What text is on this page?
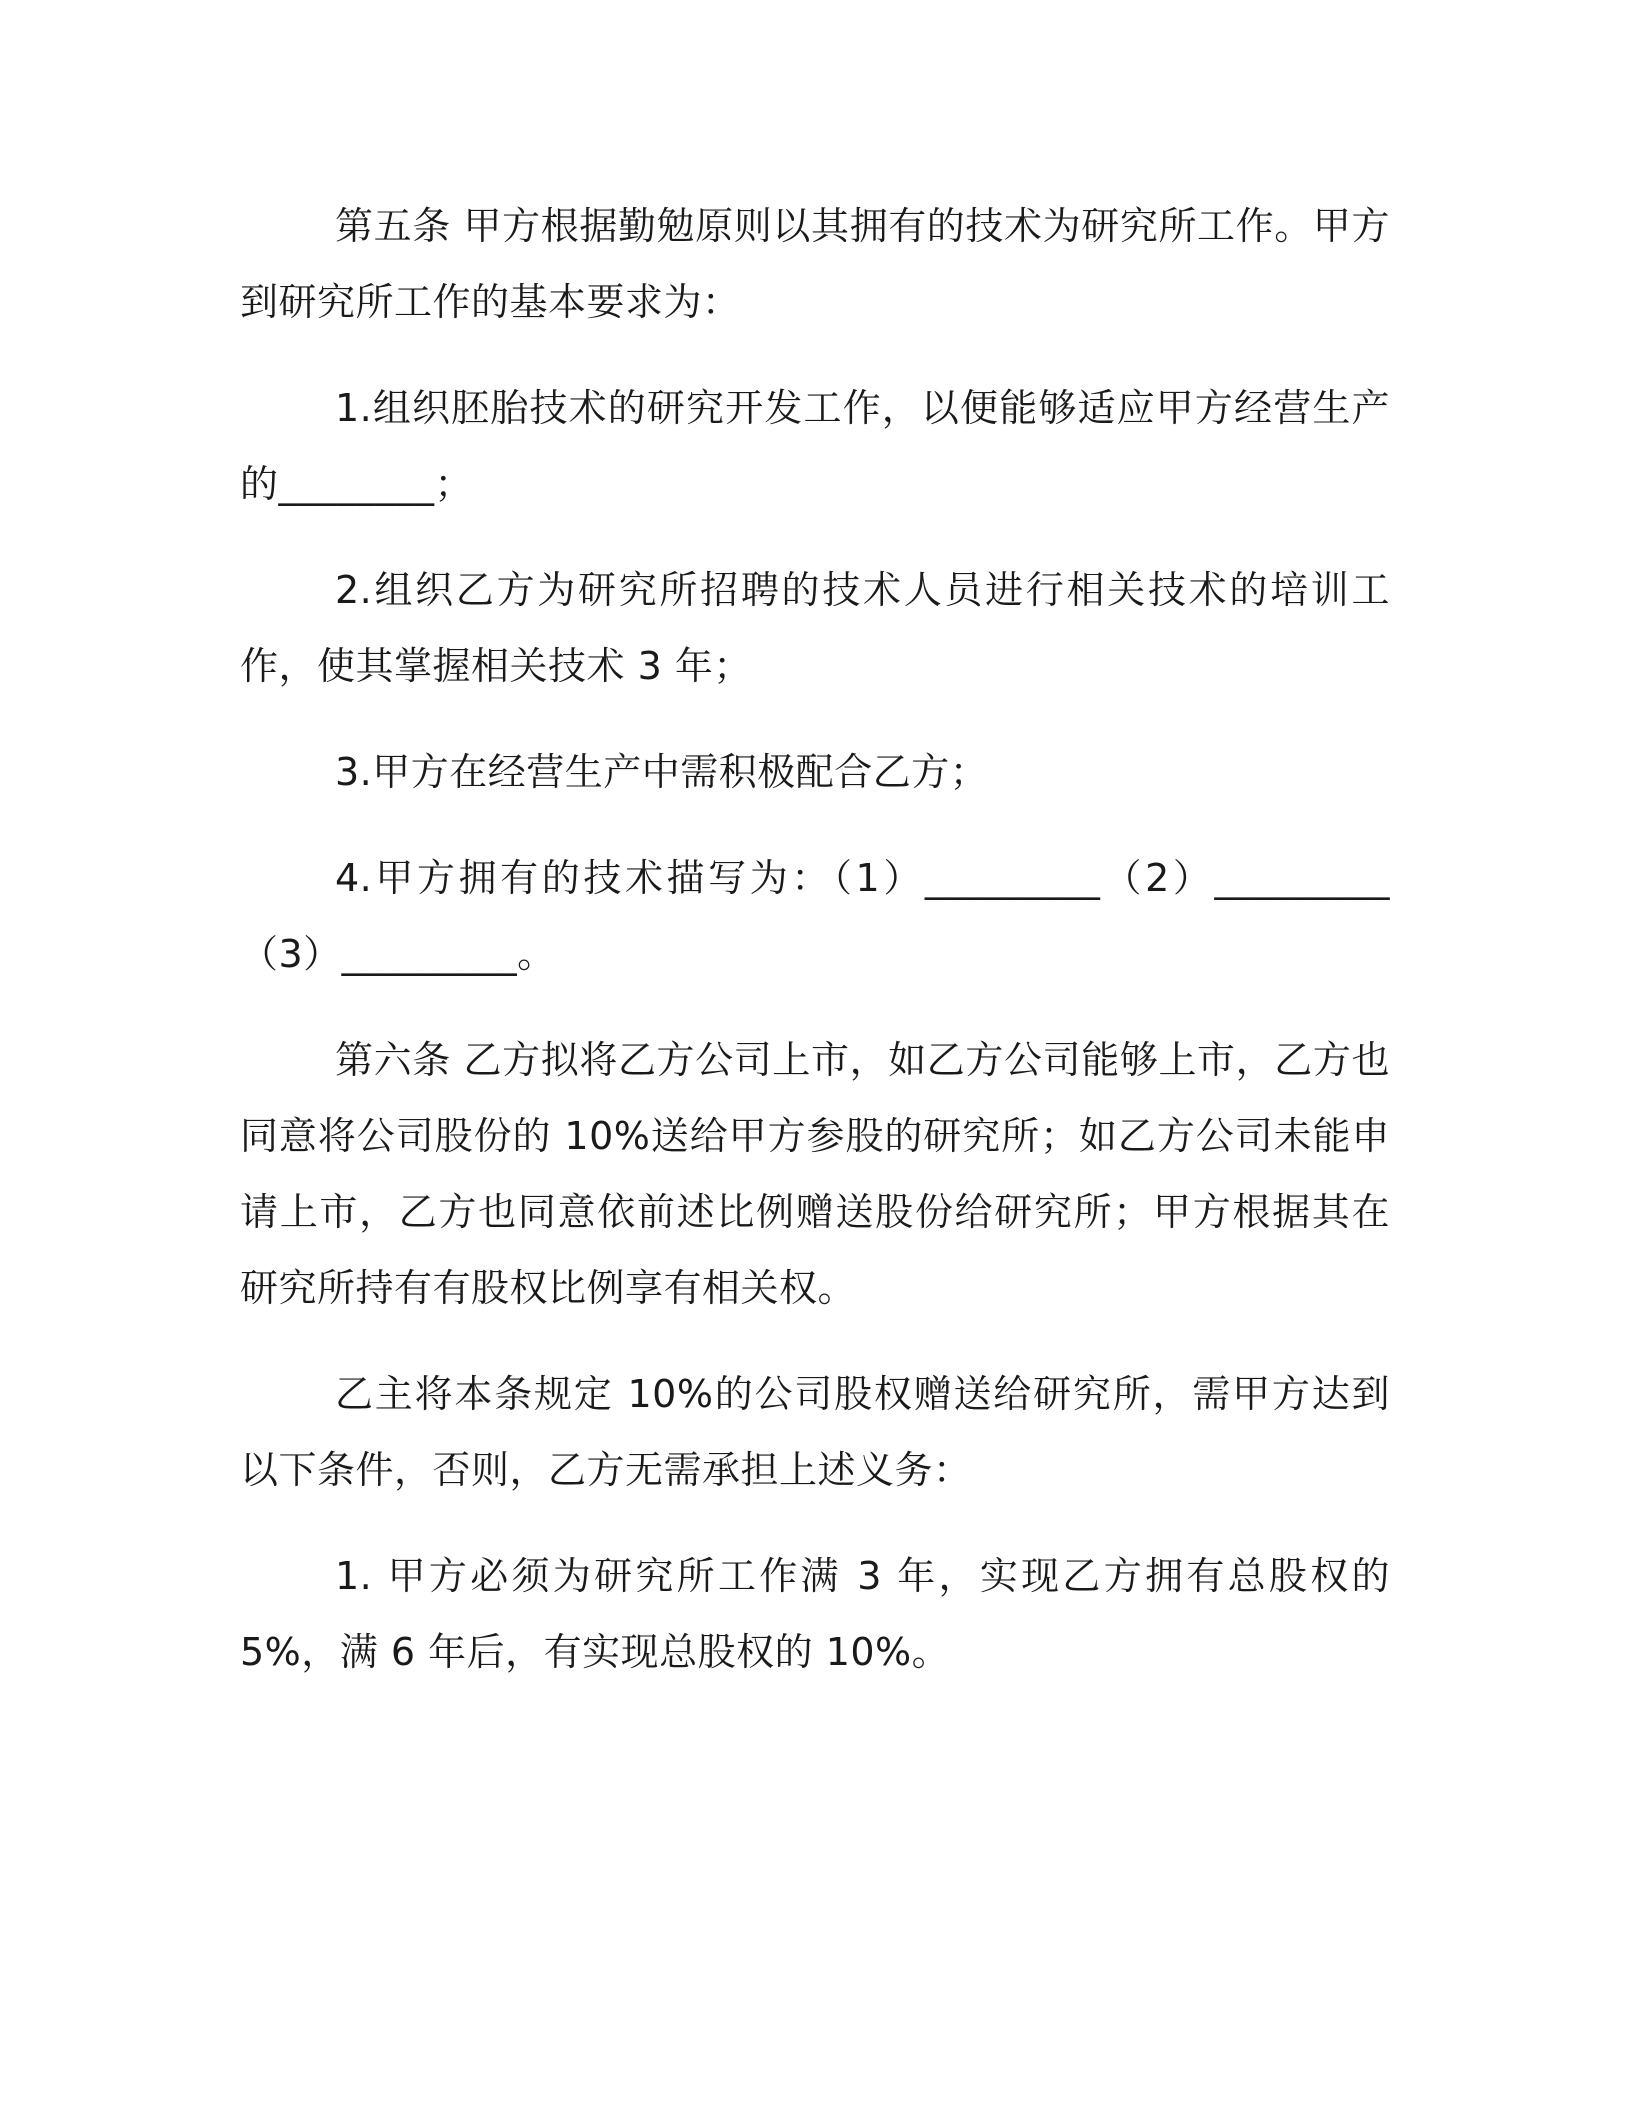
第五条 甲方根据勤勉原则以其拥有的技术为研究所工作。甲方到研究所工作的基本要求为：

1.组织胚胎技术的研究开发工作，以便能够适应甲方经营生产的________；

2.组织乙方为研究所招聘的技术人员进行相关技术的培训工作，使其掌握相关技术 3 年；

3.甲方在经营生产中需积极配合乙方；

4.甲方拥有的技术描写为：（1）_________（2）_________（3）_________。

第六条 乙方拟将乙方公司上市，如乙方公司能够上市，乙方也同意将公司股份的 10%送给甲方参股的研究所；如乙方公司未能申请上市，乙方也同意依前述比例赠送股份给研究所；甲方根据其在研究所持有有股权比例享有相关权。

乙主将本条规定 10%的公司股权赠送给研究所，需甲方达到以下条件，否则，乙方无需承担上述义务：

1. 甲方必须为研究所工作满 3 年，实现乙方拥有总股权的 5%，满 6 年后，有实现总股权的 10%。
